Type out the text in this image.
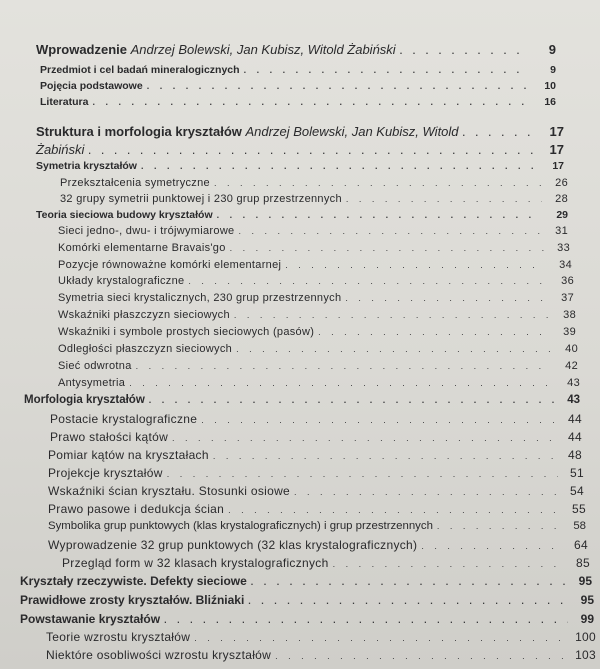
Wprowadzenie Andrzej Bolewski, Jan Kubisz, Witold Żabiński . . .	9
Przedmiot i cel badań mineralogicznych . . .	9
Pojęcia podstawowe . . .	10
Literatura . . .	16
Struktura i morfologia kryształów Andrzej Bolewski, Jan Kubisz, Witold . . .	17
Żabiński . . .	17
Symetria kryształów . . .	17
Przekształcenia symetryczne . . .	26
32 grupy symetrii punktowej i 230 grup przestrzennych . . .	28
Teoria sieciowa budowy kryształów . . .	29
Sieci jedno-, dwu- i trójwymiarowe . . .	31
Komórki elementarne Bravais'go . . .	33
Pozycje równoważne komórki elementarnej . . .	34
Układy krystalograficzne . . .	36
Symetria sieci krystalicznych, 230 grup przestrzennych . . .	37
Wskaźniki płaszczyzn sieciowych . . .	38
Wskaźniki i symbole prostych sieciowych (pasów) . . .	39
Odległości płaszczyzn sieciowych . . .	40
Sieć odwrotna . . .	42
Antysymetria . . .	43
Morfologia kryształów . . .	43
Postacie krystalograficzne . . .	44
Prawo stałości kątów . . .	44
Pomiar kątów na kryształach . . .	48
Projekcje kryształów . . .	51
Wskaźniki ścian kryształu. Stosunki osiowe . . .	54
Prawo pasowe i dedukcja ścian . . .	55
Symbolika grup punktowych (klas krystalograficznych) i grup przestrzennych . . .	58
Wyprowadzenie 32 grup punktowych (32 klas krystalograficznych) . . .	64
Przegląd form w 32 klasach krystalograficznych . . .	85
Kryształy rzeczywiste. Defekty sieciowe . . .	95
Prawidłowe zrosty kryształów. Bliźniaki . . .	95
Powstawanie kryształów . . .	99
Teorie wzrostu kryształów . . .	100
Niektóre osobliwości wzrostu kryształów . . .	103
